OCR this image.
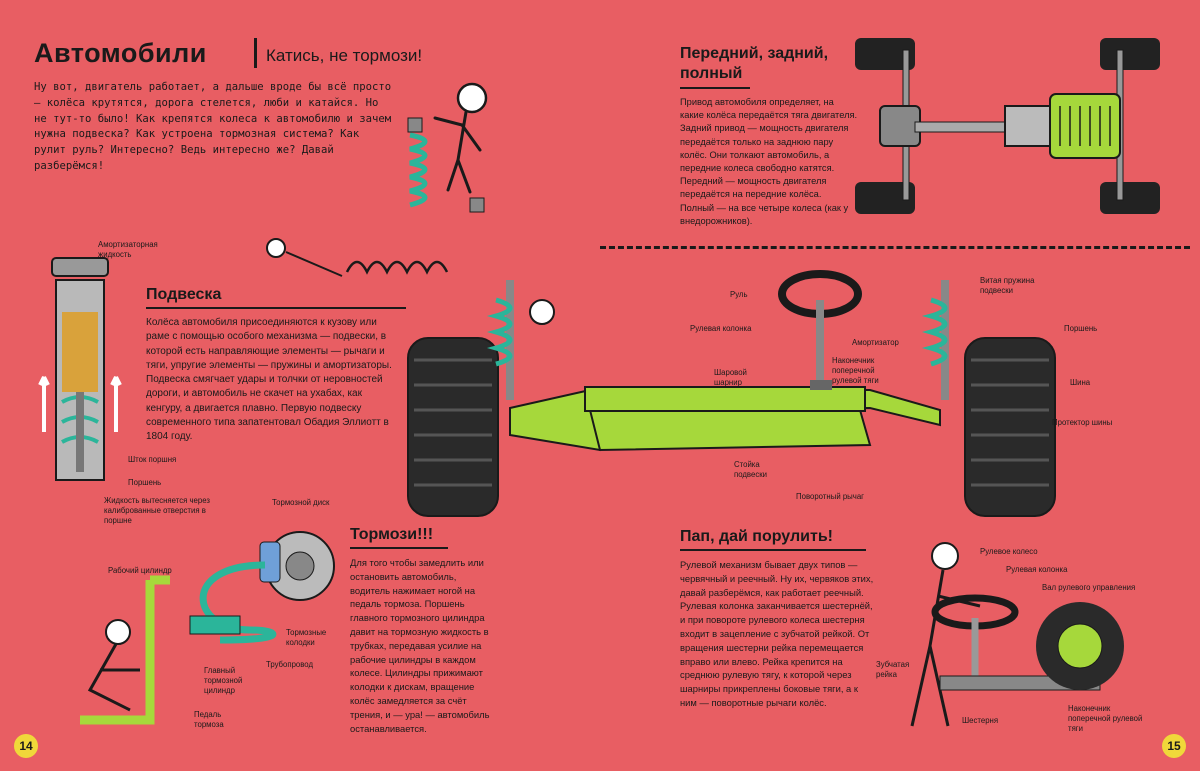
Автомобили	Катись, не тормози!
Ну вот, двигатель работает, а дальше вроде бы всё просто — колёса крутятся, дорога стелется, люби и катайся. Но не тут-то было! Как крепятся колеса к автомобилю и зачем нужна подвеска? Как устроена тормозная система? Как рулит руль? Интересно? Ведь интересно же? Давай разберёмся!
Передний, задний, полный
Привод автомобиля определяет, на какие колёса передаётся тяга двигателя. Задний привод — мощность двигателя передаётся только на заднюю пару колёс. Они толкают автомобиль, а передние колеса свободно катятся. Передний — мощность двигателя передаётся на передние колёса. Полный — на все четыре колеса (как у внедорожников).
Амортизаторная жидкость
Шток поршня
Поршень
Жидкость вытесняется через калиброванные отверстия в поршне
Подвеска
Колёса автомобиля присоединяются к кузову или раме с помощью особого механизма — подвески, в которой есть направляющие элементы — рычаги и тяги, упругие элементы — пружины и амортизаторы. Подвеска смягчает удары и толчки от неровностей дороги, и автомобиль не скачет на ухабах, как кенгуру, а двигается плавно. Первую подвеску современного типа запатентовал Обадия Эллиотт в 1804 году.
Руль
Рулевая колонка
Шаровой шарнир
Стойка подвески
Поворотный рычаг
Наконечник поперечной рулевой тяги
Амортизатор
Витая пружина подвески
Поршень
Шина
Протектор шины
Тормозной диск
Рабочий цилиндр
Тормозные колодки
Трубопровод
Главный тормозной цилиндр
Педаль тормоза
Тормози!!!
Для того чтобы замедлить или остановить автомобиль, водитель нажимает ногой на педаль тормоза. Поршень главного тормозного цилиндра давит на тормозную жидкость в трубках, передавая усилие на рабочие цилиндры в каждом колесе. Цилиндры прижимают колодки к дискам, вращение колёс замедляется за счёт трения, и — ура! — автомобиль останавливается.
Пап, дай порулить!
Рулевой механизм бывает двух типов — червячный и реечный. Ну их, червяков этих, давай разберёмся, как работает реечный. Рулевая колонка заканчивается шестернёй, и при повороте рулевого колеса шестерня входит в зацепление с зубчатой рейкой. От вращения шестерни рейка перемещается вправо или влево. Рейка крепится на среднюю рулевую тягу, к которой через шарниры прикреплены боковые тяги, а к ним — поворотные рычаги колёс.
Рулевое колесо
Рулевая колонка
Вал рулевого управления
Зубчатая рейка
Шестерня
Наконечник поперечной рулевой тяги
14	15
